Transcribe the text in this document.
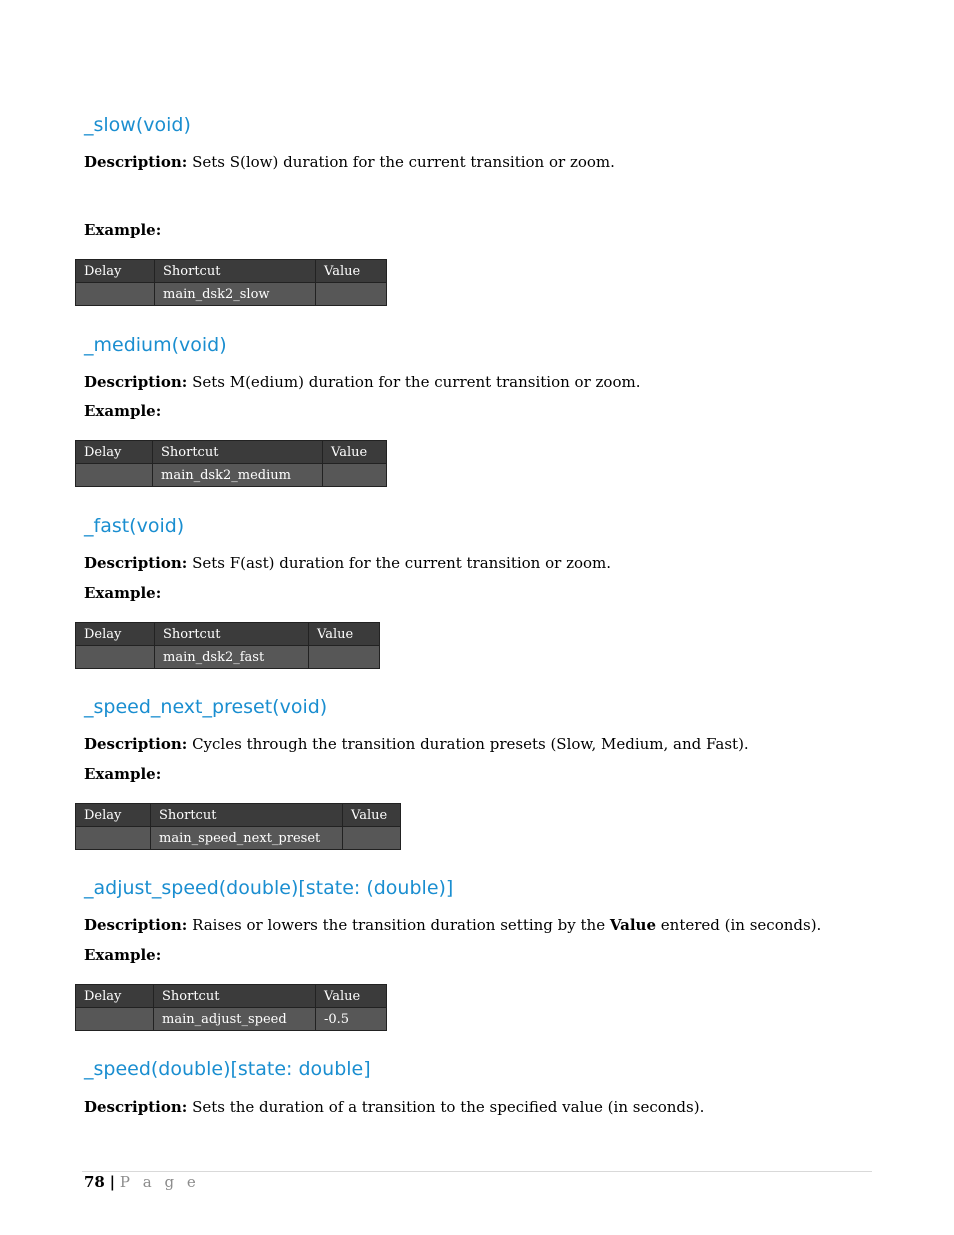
_slow(void)

Description: Sets S(low) duration for the current transition or zoom.

Example:

Delay	Shortcut	Value
	main_dsk2_slow	
_medium(void)

Description: Sets M(edium) duration for the current transition or zoom.

Example:

Delay	Shortcut	Value
	main_dsk2_medium	
_fast(void)

Description: Sets F(ast) duration for the current transition or zoom.

Example:

Delay	Shortcut	Value
	main_dsk2_fast	
_speed_next_preset(void)

Description: Cycles through the transition duration presets (Slow, Medium, and Fast).

Example:

Delay	Shortcut	Value
	main_speed_next_preset	
_adjust_speed(double)[state: (double)]

Description: Raises or lowers the transition duration setting by the Value entered (in seconds).

Example:

Delay	Shortcut	Value
	main_adjust_speed	-0.5
_speed(double)[state: double]

Description: Sets the duration of a transition to the specified value (in seconds).

78 | P a g e
